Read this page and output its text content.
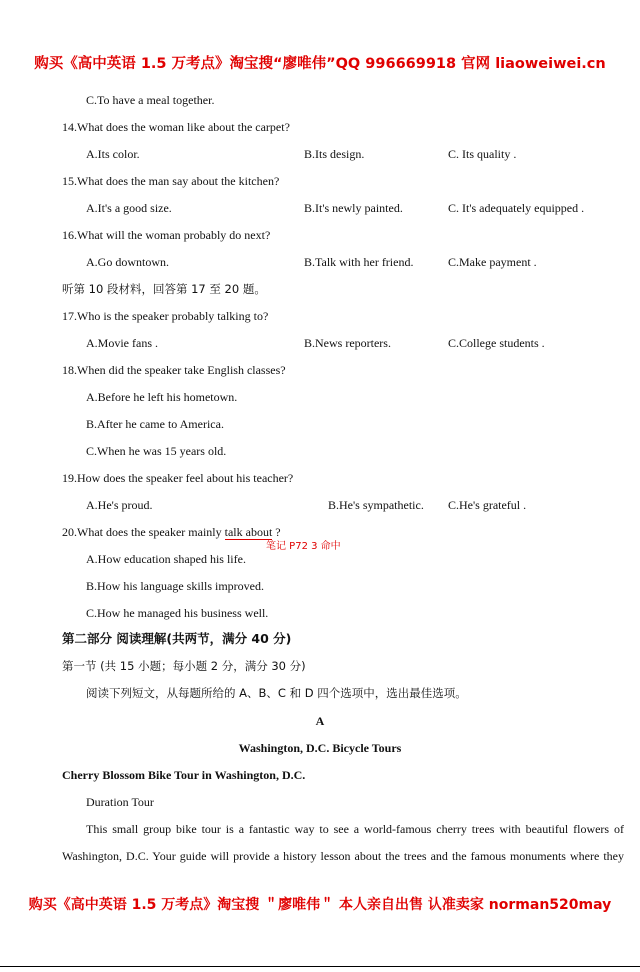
购买《高中英语 1.5 万考点》淘宝搜“廖唯伟”QQ 996669918 官网 liaoweiwei.cn
C.To have a meal together.
14.What does the woman like about the carpet?
A.Its color.	B.Its design.	C. Its quality .
15.What does the man say about the kitchen?
A.It's a good size.	B.It's newly painted.	C. It's adequately equipped .
16.What will the woman probably do next?
A.Go downtown.	B.Talk with her friend.	C.Make payment .
听第 10 段材料，回答第 17 至 20 题。
17.Who is the speaker probably talking to?
A.Movie fans .	B.News reporters.	C.College students .
18.When did the speaker take English classes?
A.Before he left his hometown.
B.After he came to America.
C.When he was 15 years old.
19.How does the speaker feel about his teacher?
A.He's proud.	B.He's sympathetic. C.He's grateful .
20.What does the speaker mainly talk about ?
笔记 P72 3 命中
A.How education shaped his life.
B.How his language skills improved.
C.How he managed his business well.
第二部分 阅读理解(共两节，满分 40 分)
第一节 (共 15 小题；每小题 2 分，满分 30 分)
阅读下列短文，从每题所给的 A、B、C 和 D 四个选项中，选出最佳选项。
A
Washington, D.C. Bicycle Tours
Cherry Blossom Bike Tour in Washington, D.C.
Duration Tour
This small group bike tour is a fantastic way to see a world-famous cherry trees with beautiful flowers of
Washington, D.C. Your guide will provide a history lesson about the trees and the famous monuments where they
购买《高中英语 1.5 万考点》淘宝搜 ＂廖唯伟＂ 本人亲自出售 认准卖家 norman520may
